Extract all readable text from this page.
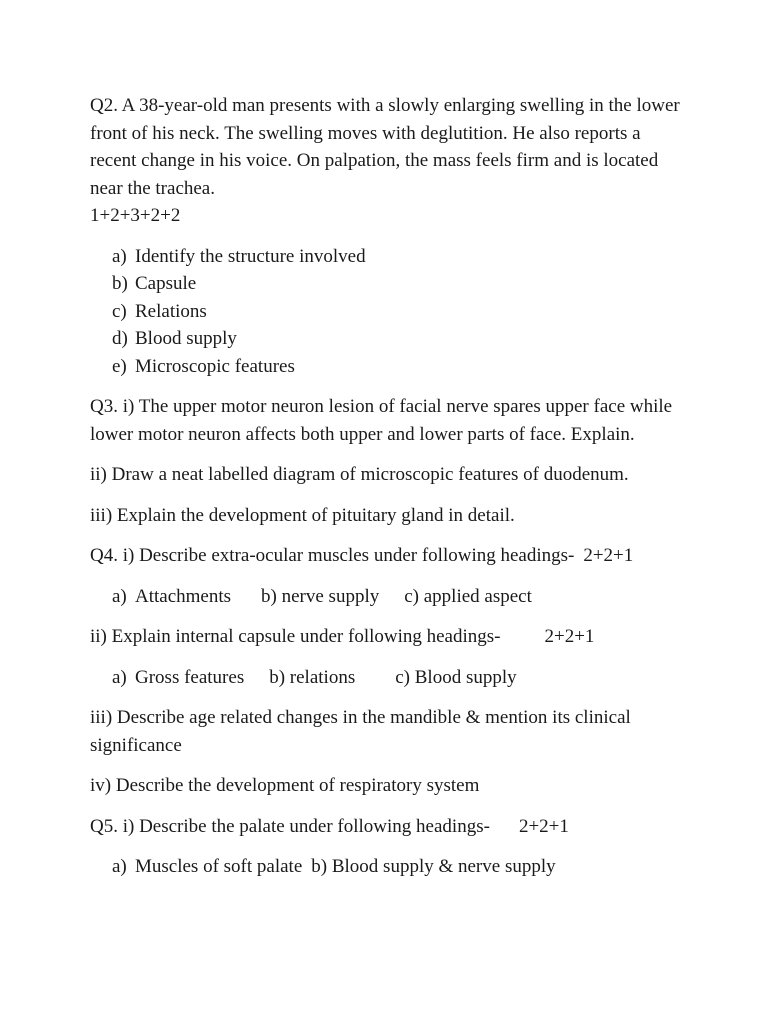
Q2. A 38-year-old man presents with a slowly enlarging swelling in the lower front of his neck. The swelling moves with deglutition. He also reports a recent change in his voice. On palpation, the mass feels firm and is located near the trachea.

1+2+3+2+2
a) Identify the structure involved
b) Capsule
c) Relations
d) Blood supply
e) Microscopic features

Q3. i) The upper motor neuron lesion of facial nerve spares upper face while lower motor neuron affects both upper and lower parts of face. Explain.

ii) Draw a neat labelled diagram of microscopic features of duodenum.

iii) Explain the development of pituitary gland in detail.

Q4. i) Describe extra-ocular muscles under following headings- 2+2+1

a) Attachments b)
nerve supply c)
applied aspect

ii) Explain internal capsule under following headings- 2+2+1

a) Gross features b)
relations c)
Blood supply

iii) Describe age related changes in the mandible & mention its clinical significance

iv) Describe the development of respiratory system

Q5. i) Describe the palate under following headings- 2+2+1

a) Muscles of soft palate b)
Blood supply & nerve supply
